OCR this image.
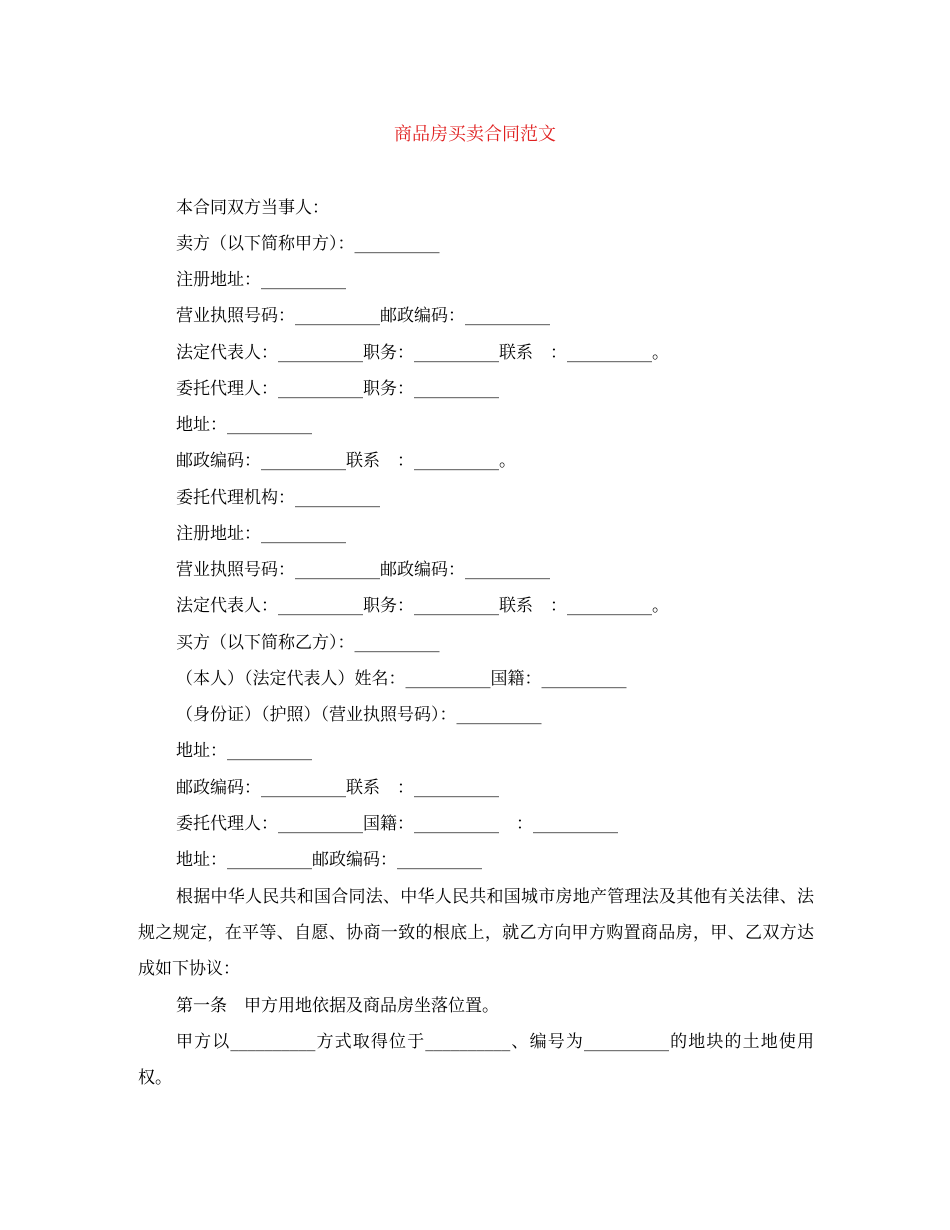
商品房买卖合同范文
本合同双方当事人：
卖方（以下简称甲方）：__________
注册地址：__________
营业执照号码：__________邮政编码：__________
法定代表人：__________职务：__________联系　：__________。
委托代理人：__________职务：__________
地址：__________
邮政编码：__________联系　：__________。
委托代理机构：__________
注册地址：__________
营业执照号码：__________邮政编码：__________
法定代表人：__________职务：__________联系　：__________。
买方（以下简称乙方）：__________
（本人）（法定代表人）姓名：__________国籍：__________
（身份证）（护照）（营业执照号码）：__________
地址：__________
邮政编码：__________联系　：__________
委托代理人：__________国籍：__________　：__________
地址：__________邮政编码：__________
根据中华人民共和国合同法、中华人民共和国城市房地产管理法及其他有关法律、法规之规定，在平等、自愿、协商一致的根底上，就乙方向甲方购置商品房，甲、乙双方达成如下协议：
第一条　甲方用地依据及商品房坐落位置。
甲方以__________方式取得位于__________、编号为__________的地块的土地使用权。
